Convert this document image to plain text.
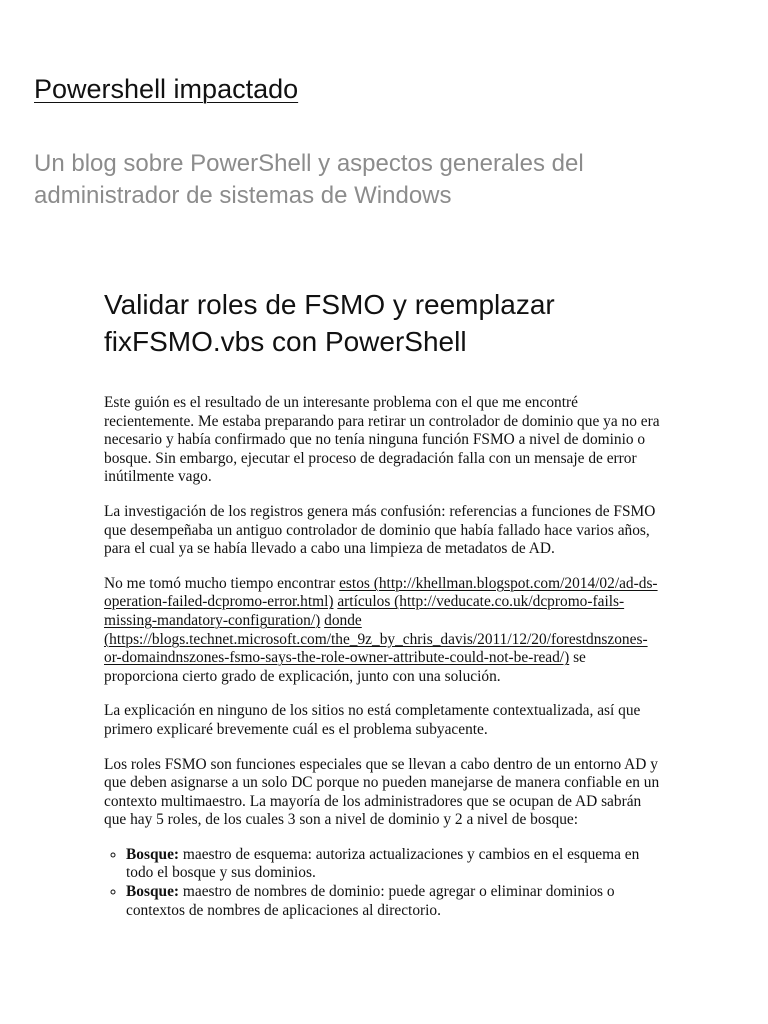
Powershell impactado

Un blog sobre PowerShell y aspectos generales del administrador de sistemas de Windows

Validar roles de FSMO y reemplazar fixFSMO.vbs con PowerShell

Este guión es el resultado de un interesante problema con el que me encontré recientemente. Me estaba preparando para retirar un controlador de dominio que ya no era necesario y había confirmado que no tenía ninguna función FSMO a nivel de dominio o bosque. Sin embargo, ejecutar el proceso de degradación falla con un mensaje de error inútilmente vago.

La investigación de los registros genera más confusión: referencias a funciones de FSMO que desempeñaba un antiguo controlador de dominio que había fallado hace varios años, para el cual ya se había llevado a cabo una limpieza de metadatos de AD.

No me tomó mucho tiempo encontrar estos (http://khellman.blogspot.com/2014/02/ad-ds-operation-failed-dcpromo-error.html) artículos (http://veducate.co.uk/dcpromo-fails-missing-mandatory-configuration/) donde (https://blogs.technet.microsoft.com/the_9z_by_chris_davis/2011/12/20/forestdnszones-or-domaindnszones-fsmo-says-the-role-owner-attribute-could-not-be-read/) se proporciona cierto grado de explicación, junto con una solución.

La explicación en ninguno de los sitios no está completamente contextualizada, así que primero explicaré brevemente cuál es el problema subyacente.

Los roles FSMO son funciones especiales que se llevan a cabo dentro de un entorno AD y que deben asignarse a un solo DC porque no pueden manejarse de manera confiable en un contexto multimaestro. La mayoría de los administradores que se ocupan de AD sabrán que hay 5 roles, de los cuales 3 son a nivel de dominio y 2 a nivel de bosque:

◦ Bosque: maestro de esquema: autoriza actualizaciones y cambios en el esquema en todo el bosque y sus dominios.
◦ Bosque: maestro de nombres de dominio: puede agregar o eliminar dominios o contextos de nombres de aplicaciones al directorio.
